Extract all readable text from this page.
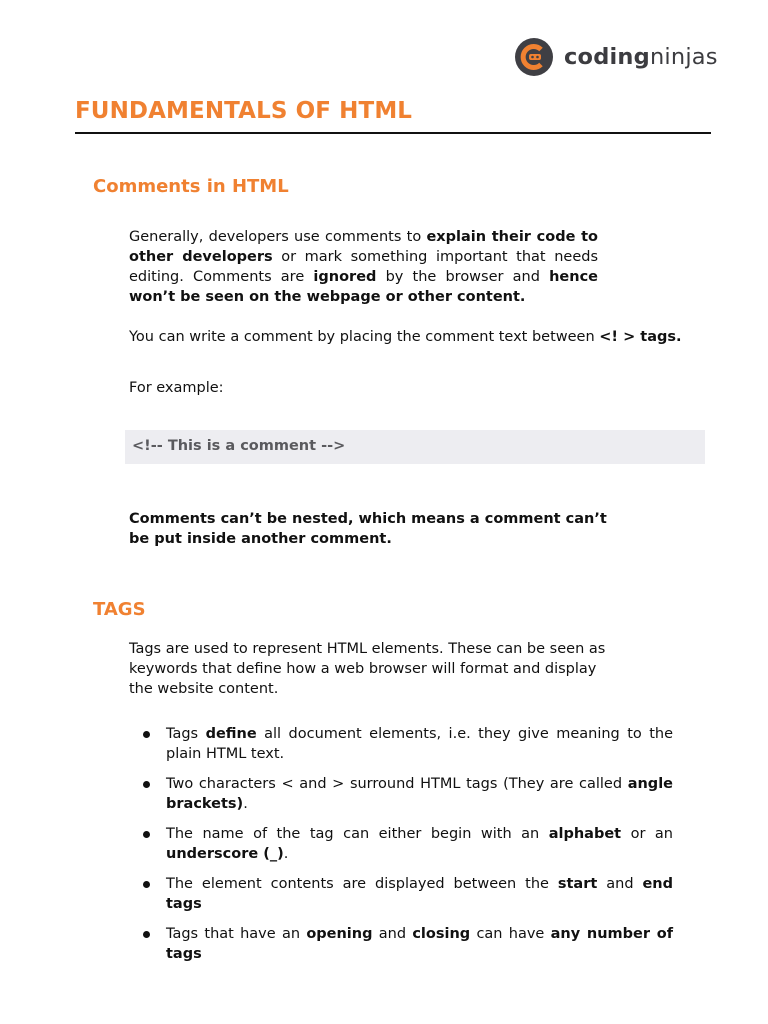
codingninjas
FUNDAMENTALS OF HTML
Comments in HTML

Generally, developers use comments to explain their code to other developers or mark something important that needs editing. Comments are ignored by the browser and hence won’t be seen on the webpage or other content.

You can write a comment by placing the comment text between <! > tags.

For example:

<!-- This is a comment -->

Comments can’t be nested, which means a comment can’t be put inside another comment.

TAGS

Tags are used to represent HTML elements. These can be seen as keywords that define how a web browser will format and display the website content.

Tags define all document elements, i.e. they give meaning to the plain HTML text.
Two characters < and > surround HTML tags (They are called angle brackets).
The name of the tag can either begin with an alphabet or an underscore (_).
The element contents are displayed between the start and end tags
Tags that have an opening and closing can have any number of tags
